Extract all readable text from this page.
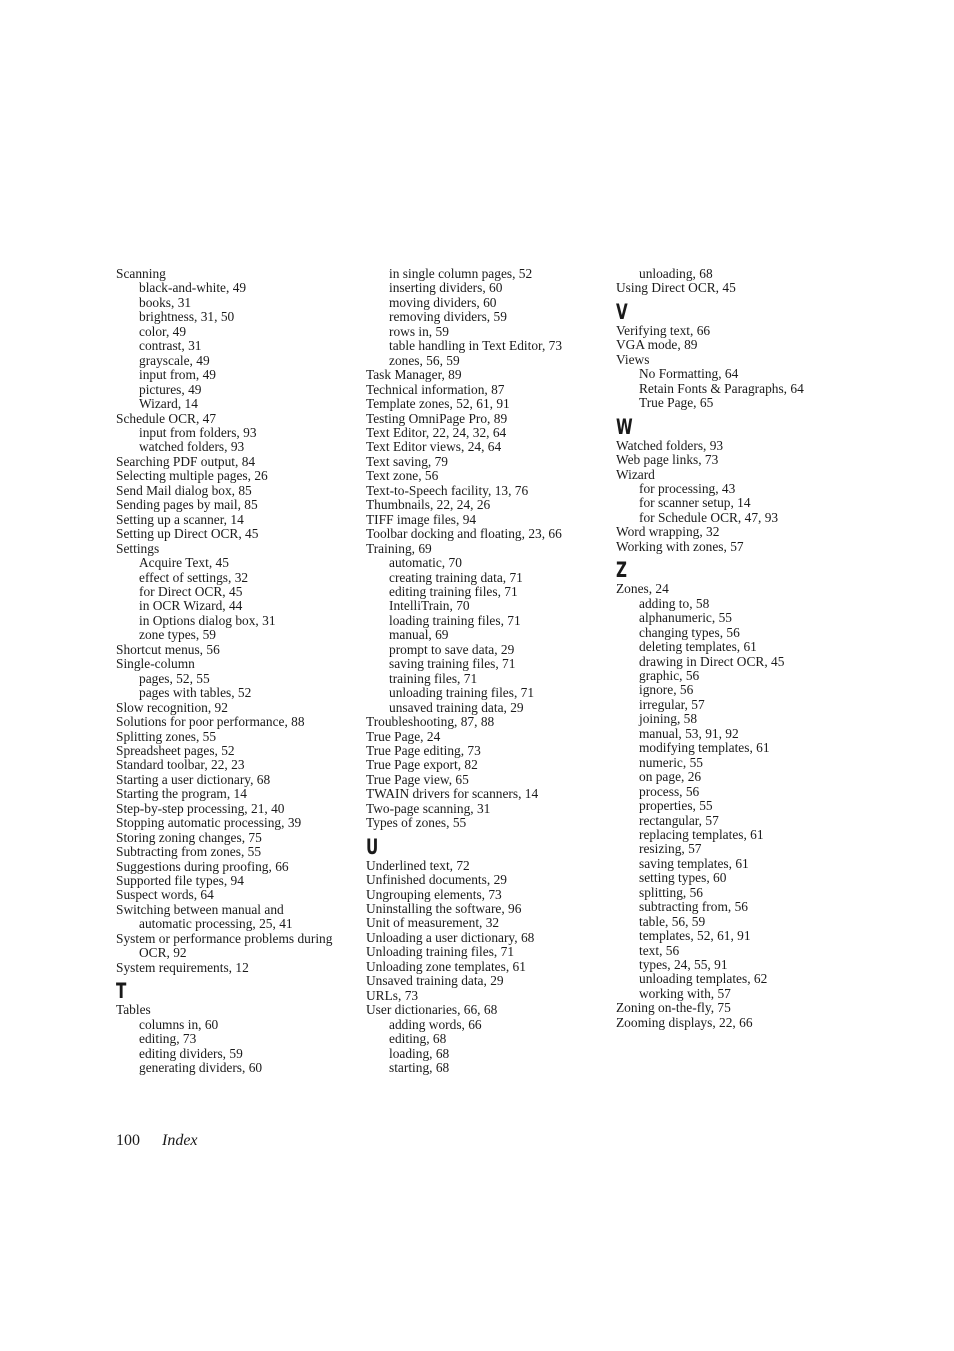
Scanning
black-and-white, 49
books, 31
brightness, 31, 50
color, 49
contrast, 31
grayscale, 49
input from, 49
pictures, 49
Wizard, 14
Schedule OCR, 47
input from folders, 93
watched folders, 93
Searching PDF output, 84
Selecting multiple pages, 26
Send Mail dialog box, 85
Sending pages by mail, 85
Setting up a scanner, 14
Setting up Direct OCR, 45
Settings
Acquire Text, 45
effect of settings, 32
for Direct OCR, 45
in OCR Wizard, 44
in Options dialog box, 31
zone types, 59
Shortcut menus, 56
Single-column
pages, 52, 55
pages with tables, 52
Slow recognition, 92
Solutions for poor performance, 88
Splitting zones, 55
Spreadsheet pages, 52
Standard toolbar, 22, 23
Starting a user dictionary, 68
Starting the program, 14
Step-by-step processing, 21, 40
Stopping automatic processing, 39
Storing zoning changes, 75
Subtracting from zones, 55
Suggestions during proofing, 66
Supported file types, 94
Suspect words, 64
Switching between manual and
automatic processing, 25, 41
System or performance problems during
OCR, 92
System requirements, 12
T
Tables
columns in, 60
editing, 73
editing dividers, 59
generating dividers, 60
in single column pages, 52
inserting dividers, 60
moving dividers, 60
removing dividers, 59
rows in, 59
table handling in Text Editor, 73
zones, 56, 59
Task Manager, 89
Technical information, 87
Template zones, 52, 61, 91
Testing OmniPage Pro, 89
Text Editor, 22, 24, 32, 64
Text Editor views, 24, 64
Text saving, 79
Text zone, 56
Text-to-Speech facility, 13, 76
Thumbnails, 22, 24, 26
TIFF image files, 94
Toolbar docking and floating, 23, 66
Training, 69
automatic, 70
creating training data, 71
editing training files, 71
IntelliTrain, 70
loading training files, 71
manual, 69
prompt to save data, 29
saving training files, 71
training files, 71
unloading training files, 71
unsaved training data, 29
Troubleshooting, 87, 88
True Page, 24
True Page editing, 73
True Page export, 82
True Page view, 65
TWAIN drivers for scanners, 14
Two-page scanning, 31
Types of zones, 55
U
Underlined text, 72
Unfinished documents, 29
Ungrouping elements, 73
Uninstalling the software, 96
Unit of measurement, 32
Unloading a user dictionary, 68
Unloading training files, 71
Unloading zone templates, 61
Unsaved training data, 29
URLs, 73
User dictionaries, 66, 68
adding words, 66
editing, 68
loading, 68
starting, 68
unloading, 68
Using Direct OCR, 45
V
Verifying text, 66
VGA mode, 89
Views
No Formatting, 64
Retain Fonts & Paragraphs, 64
True Page, 65
W
Watched folders, 93
Web page links, 73
Wizard
for processing, 43
for scanner setup, 14
for Schedule OCR, 47, 93
Word wrapping, 32
Working with zones, 57
Z
Zones, 24
adding to, 58
alphanumeric, 55
changing types, 56
deleting templates, 61
drawing in Direct OCR, 45
graphic, 56
ignore, 56
irregular, 57
joining, 58
manual, 53, 91, 92
modifying templates, 61
numeric, 55
on page, 26
process, 56
properties, 55
rectangular, 57
replacing templates, 61
resizing, 57
saving templates, 61
setting types, 60
splitting, 56
subtracting from, 56
table, 56, 59
templates, 52, 61, 91
text, 56
types, 24, 55, 91
unloading templates, 62
working with, 57
Zoning on-the-fly, 75
Zooming displays, 22, 66
100 Index
